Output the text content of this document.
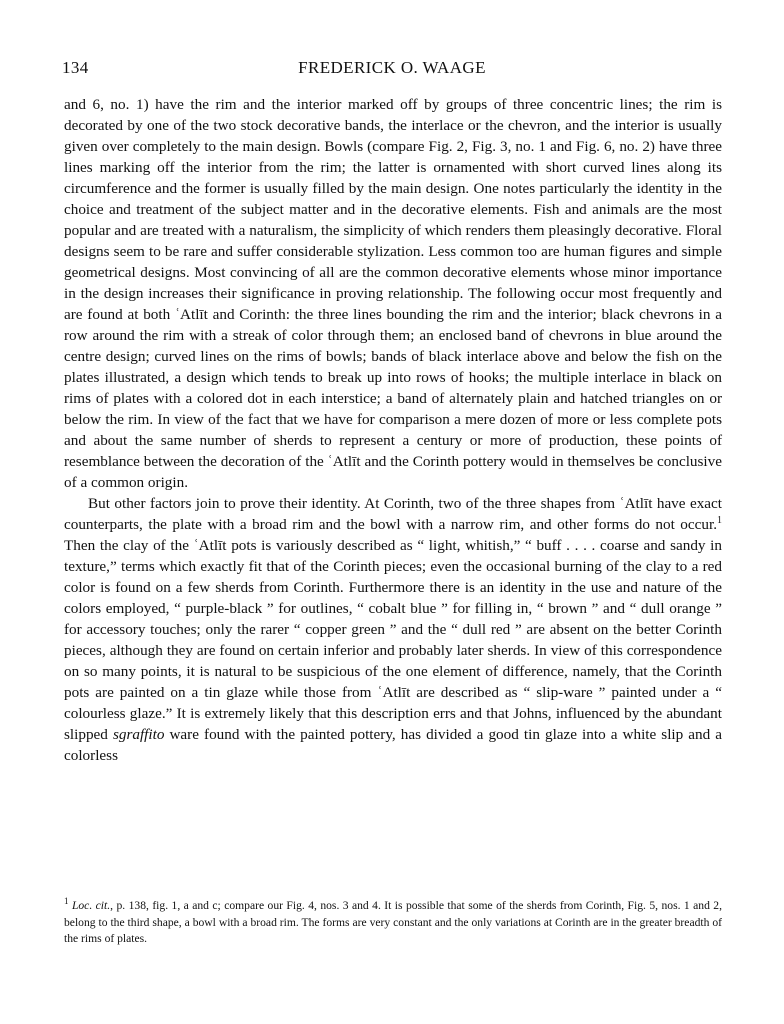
134	FREDERICK O. WAAGE

and 6, no. 1) have the rim and the interior marked off by groups of three concentric lines; the rim is decorated by one of the two stock decorative bands, the interlace or the chevron, and the interior is usually given over completely to the main design. Bowls (compare Fig. 2, Fig. 3, no. 1 and Fig. 6, no. 2) have three lines marking off the interior from the rim; the latter is ornamented with short curved lines along its circumference and the former is usually filled by the main design. One notes particularly the identity in the choice and treatment of the subject matter and in the decorative elements. Fish and animals are the most popular and are treated with a naturalism, the simplicity of which renders them pleasingly decorative. Floral designs seem to be rare and suffer considerable stylization. Less common too are human figures and simple geometrical designs. Most convincing of all are the common decorative elements whose minor importance in the design increases their significance in proving relationship. The following occur most frequently and are found at both ʿAtlīt and Corinth: the three lines bounding the rim and the interior; black chevrons in a row around the rim with a streak of color through them; an enclosed band of chevrons in blue around the centre design; curved lines on the rims of bowls; bands of black interlace above and below the fish on the plates illustrated, a design which tends to break up into rows of hooks; the multiple interlace in black on rims of plates with a colored dot in each interstice; a band of alternately plain and hatched triangles on or below the rim. In view of the fact that we have for comparison a mere dozen of more or less complete pots and about the same number of sherds to represent a century or more of production, these points of resemblance between the decoration of the ʿAtlīt and the Corinth pottery would in themselves be conclusive of a common origin.

But other factors join to prove their identity. At Corinth, two of the three shapes from ʿAtlīt have exact counterparts, the plate with a broad rim and the bowl with a narrow rim, and other forms do not occur.$^1$ Then the clay of the ʿAtlīt pots is variously described as “ light, whitish,” “ buff . . . . coarse and sandy in texture,” terms which exactly fit that of the Corinth pieces; even the occasional burning of the clay to a red color is found on a few sherds from Corinth. Furthermore there is an identity in the use and nature of the colors employed, “ purple-black ” for outlines, “ cobalt blue ” for filling in, “ brown ” and “ dull orange ” for accessory touches; only the rarer “ copper green ” and the “ dull red ” are absent on the better Corinth pieces, although they are found on certain inferior and probably later sherds. In view of this correspondence on so many points, it is natural to be suspicious of the one element of difference, namely, that the Corinth pots are painted on a tin glaze while those from ʿAtlīt are described as “ slip-ware ” painted under a “ colourless glaze.” It is extremely likely that this description errs and that Johns, influenced by the abundant slipped sgraffito ware found with the painted pottery, has divided a good tin glaze into a white slip and a colorless

$^1$ Loc. cit., p. 138, fig. 1, a and c; compare our Fig. 4, nos. 3 and 4. It is possible that some of the sherds from Corinth, Fig. 5, nos. 1 and 2, belong to the third shape, a bowl with a broad rim. The forms are very constant and the only variations at Corinth are in the greater breadth of the rims of plates.
